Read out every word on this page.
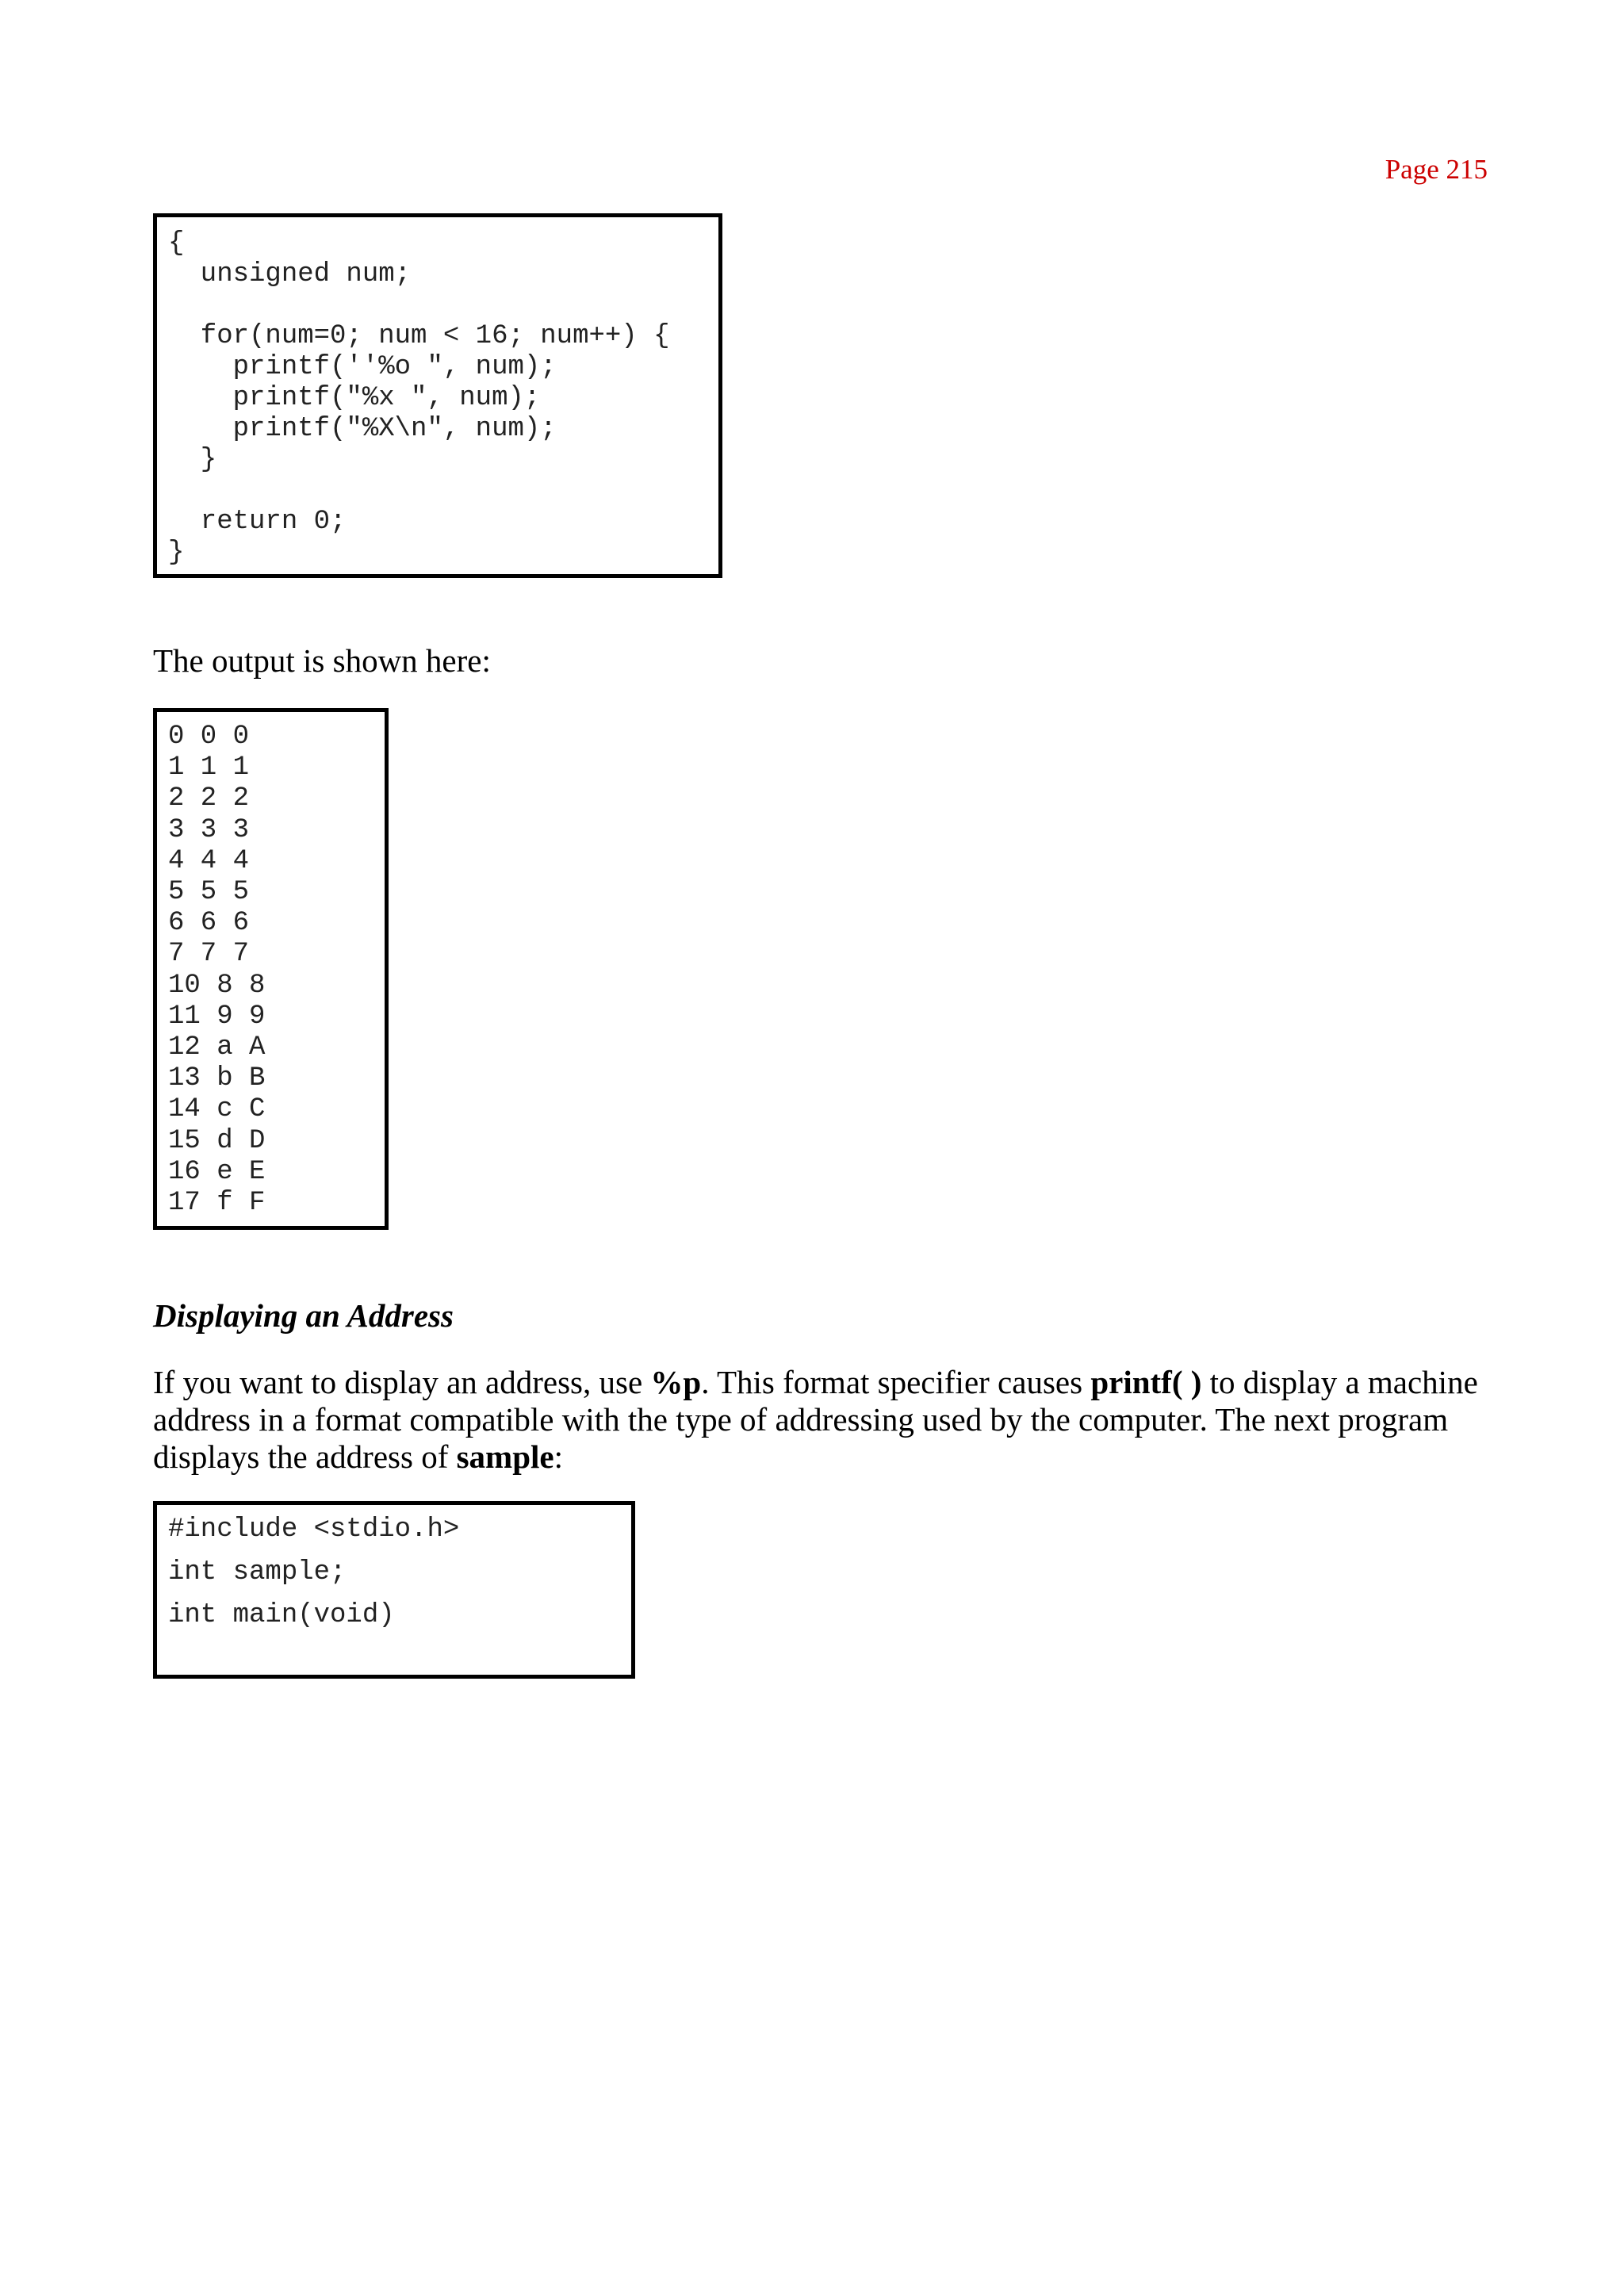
Page 215
{
unsigned num;

for(num=0; num < 16; num++) {
printf(''%o ", num);
printf("%x ", num);
printf("%X\n", num);
}

return 0;
}

The output is shown here:

0 0 0
1 1 1
2 2 2
3 3 3
4 4 4
5 5 5
6 6 6
7 7 7
10 8 8
11 9 9
12 a A
13 b B
14 c C
15 d D
16 e E
17 f F
Displaying an Address

If you want to display an address, use %p. This format specifier causes printf( ) to display a machine address in a format compatible with the type of addressing used by the computer. The next program displays the address of sample:

#include <stdio.h>
int sample;
int main(void)
